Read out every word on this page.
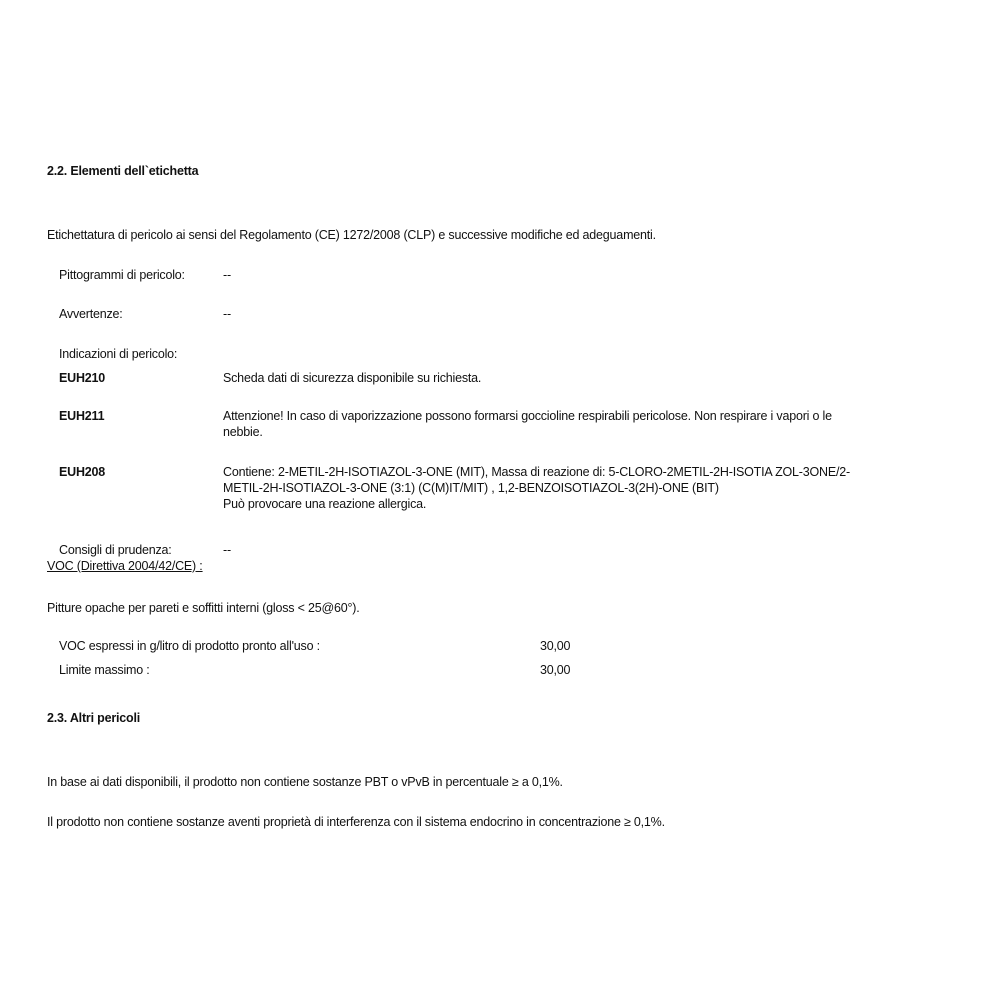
2.2. Elementi dell`etichetta
Etichettatura di pericolo ai sensi del Regolamento (CE) 1272/2008 (CLP) e successive modifiche ed adeguamenti.
Pittogrammi di pericolo:	--
Avvertenze:	--
Indicazioni di pericolo:
EUH210	Scheda dati di sicurezza disponibile su richiesta.
EUH211	Attenzione! In caso di vaporizzazione possono formarsi goccioline respirabili pericolose. Non respirare i vapori o le
nebbie.
EUH208	Contiene: 2-METIL-2H-ISOTIAZOL-3-ONE (MIT), Massa di reazione di: 5-CLORO-2METIL-2H-ISOTIA ZOL-3ONE/2-
METIL-2H-ISOTIAZOL-3-ONE (3:1) (C(M)IT/MIT) , 1,2-BENZOISOTIAZOL-3(2H)-ONE (BIT)
Può provocare una reazione allergica.
Consigli di prudenza:	--
VOC (Direttiva 2004/42/CE) :
Pitture opache per pareti e soffitti interni (gloss < 25@60°).
VOC espressi in g/litro di prodotto pronto all'uso :	30,00
Limite massimo :	30,00
2.3. Altri pericoli
In base ai dati disponibili, il prodotto non contiene sostanze PBT o vPvB in percentuale ≥ a 0,1%.
Il prodotto non contiene sostanze aventi proprietà di interferenza con il sistema endocrino in concentrazione ≥ 0,1%.
